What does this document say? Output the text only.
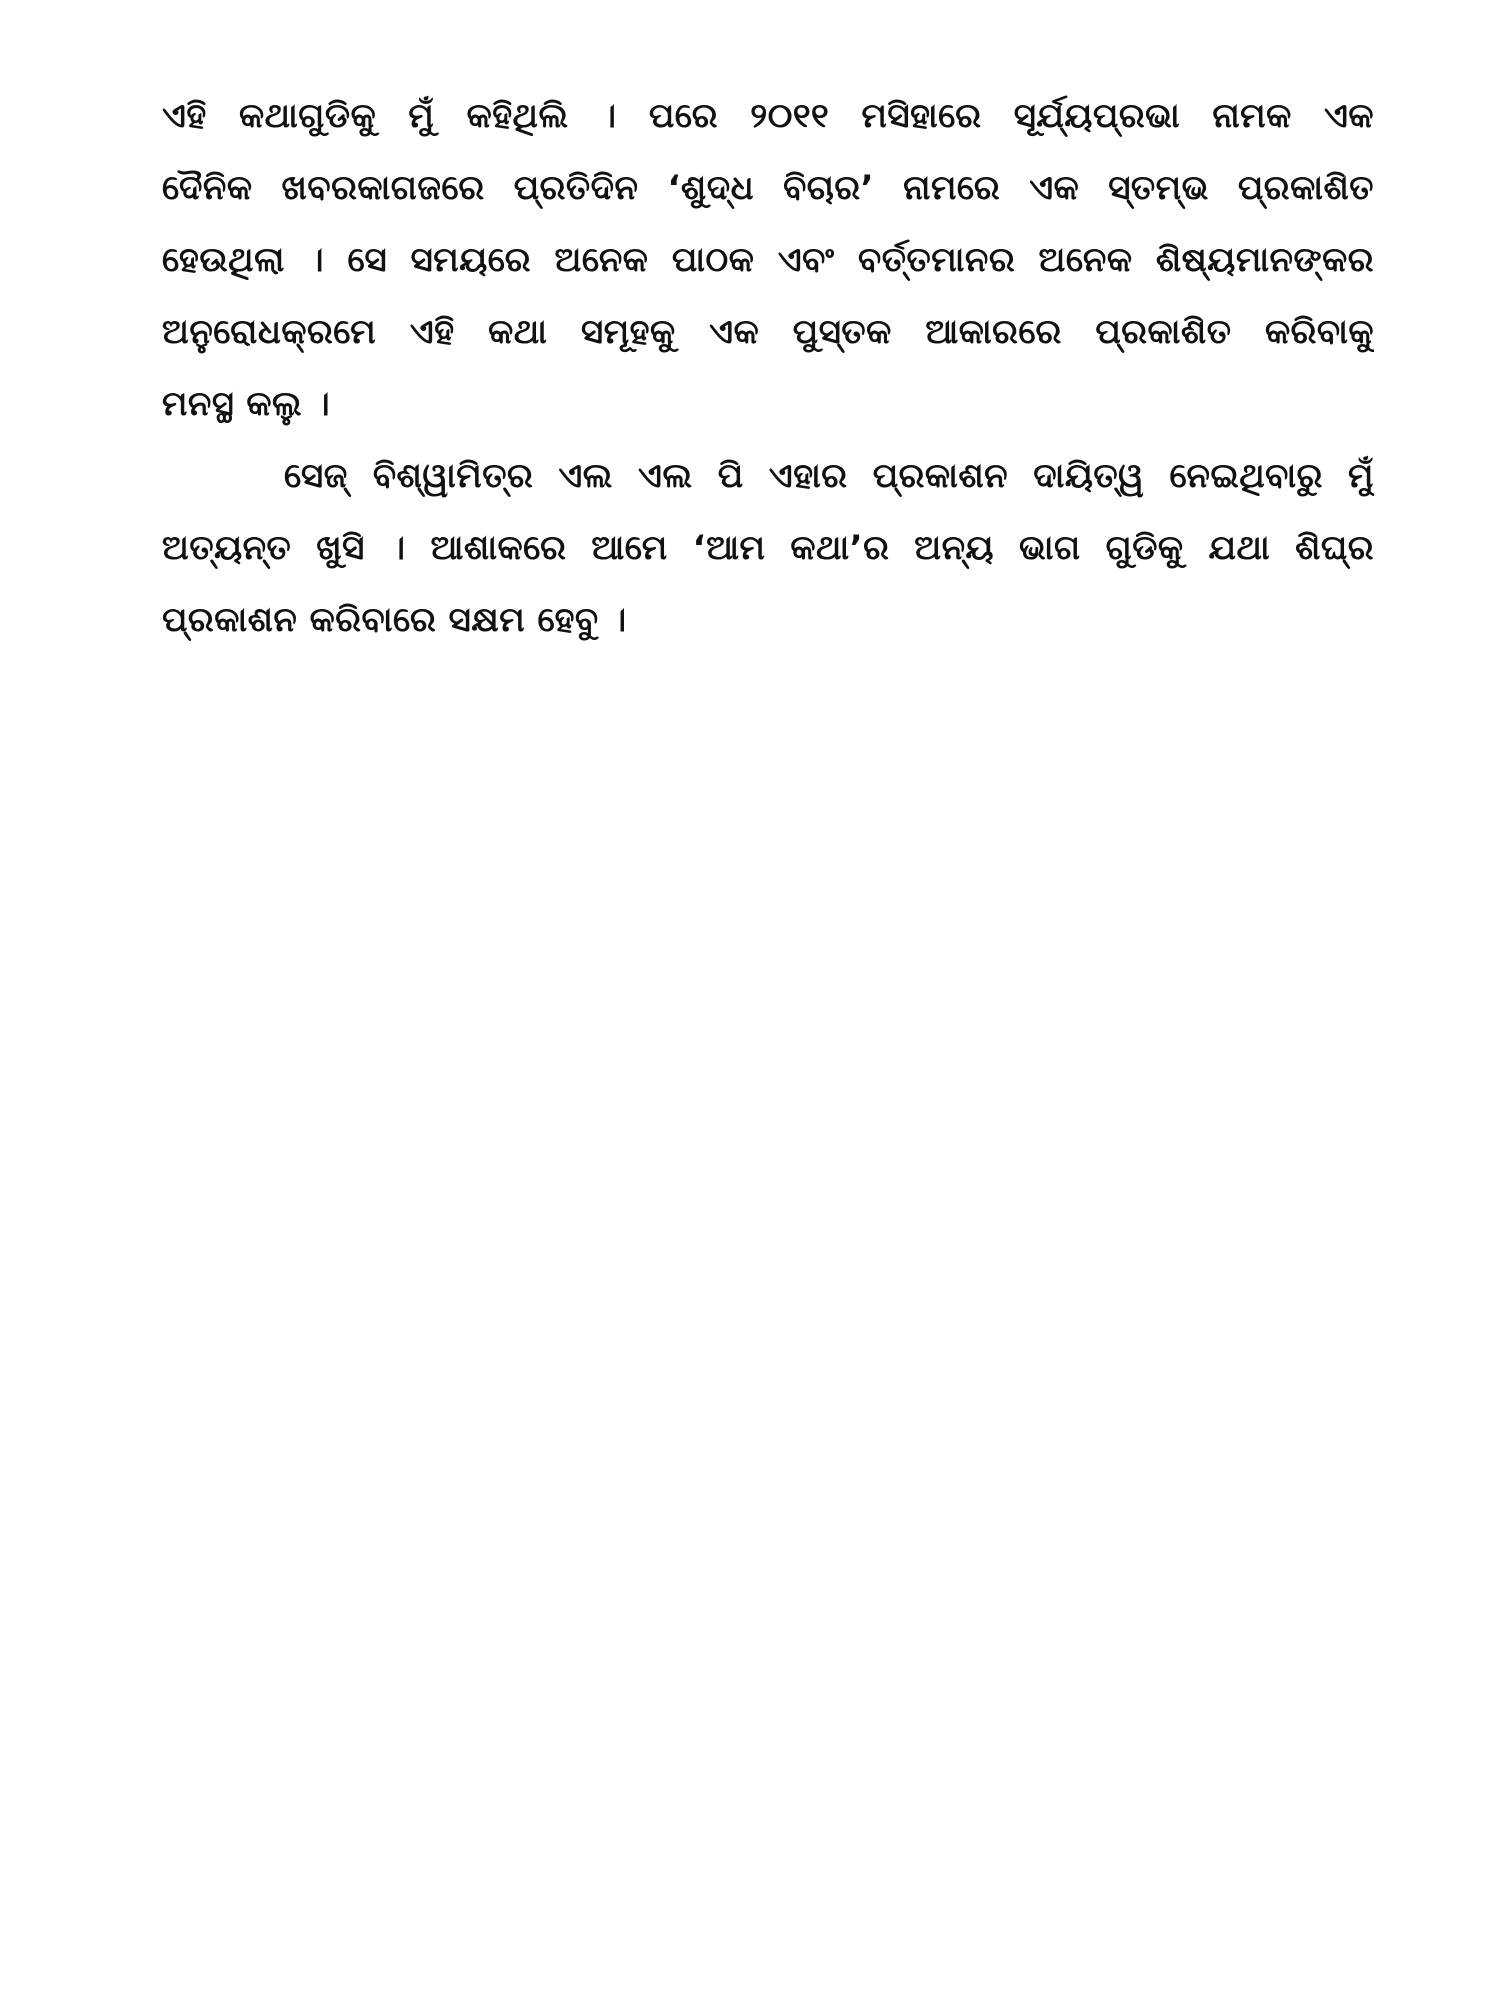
ଏହି କଥାଗୁଡିକୁ ମୁଁ କହିଥିଲି । ପରେ ୨୦୧୧ ମସିହାରେ ସୂର୍ଯ୍ୟପ୍ରଭା ନାମକ ଏକ
ଦୈନିକ ଖବରକାଗଜରେ ପ୍ରତିଦିନ ‘ଶୁଦ୍ଧ ବିଚାର’ ନାମରେ ଏକ ସ୍ତମ୍ଭ ପ୍ରକାଶିତ
ହେଉଥିଲା । ସେ ସମୟରେ ଅନେକ ପାଠକ ଏବଂ ବର୍ତ୍ତମାନର ଅନେକ ଶିଷ୍ୟମାନଙ୍କର
ଅନୁରୋଧକ୍ରମେ ଏହି କଥା ସମୂହକୁ ଏକ ପୁସ୍ତକ ଆକାରରେ ପ୍ରକାଶିତ କରିବାକୁ
ମନସ୍ଥ କଲୁ ।
ସେଜ୍ ବିଶ୍ୱାମିତ୍ର ଏଲ ଏଲ ପି ଏହାର ପ୍ରକାଶନ ଦାୟିତ୍ୱ ନେଇଥିବାରୁ ମୁଁ
ଅତ୍ୟନ୍ତ ଖୁସି । ଆଶାକରେ ଆମେ ‘ଆମ କଥା’ର ଅନ୍ୟ ଭାଗ ଗୁଡିକୁ ଯଥା ଶିଘ୍ର
ପ୍ରକାଶନ କରିବାରେ ସକ୍ଷମ ହେବୁ ।
